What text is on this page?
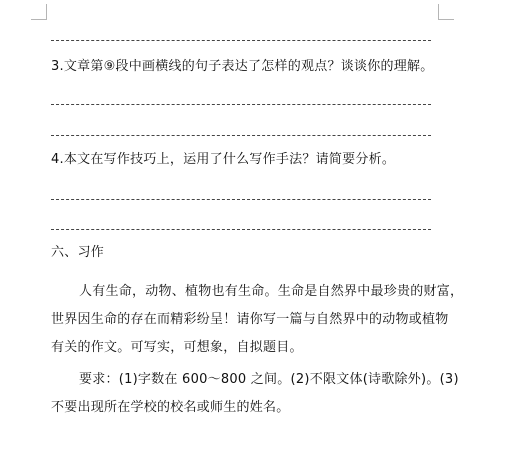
3.文章第⑨段中画横线的句子表达了怎样的观点？谈谈你的理解。
4.本文在写作技巧上，运用了什么写作手法？请简要分析。
六、习作
人有生命，动物、植物也有生命。生命是自然界中最珍贵的财富，
世界因生命的存在而精彩纷呈！请你写一篇与自然界中的动物或植物
有关的作文。可写实，可想象，自拟题目。
要求：(1)字数在 600～800 之间。(2)不限文体(诗歌除外)。(3)
不要出现所在学校的校名或师生的姓名。
